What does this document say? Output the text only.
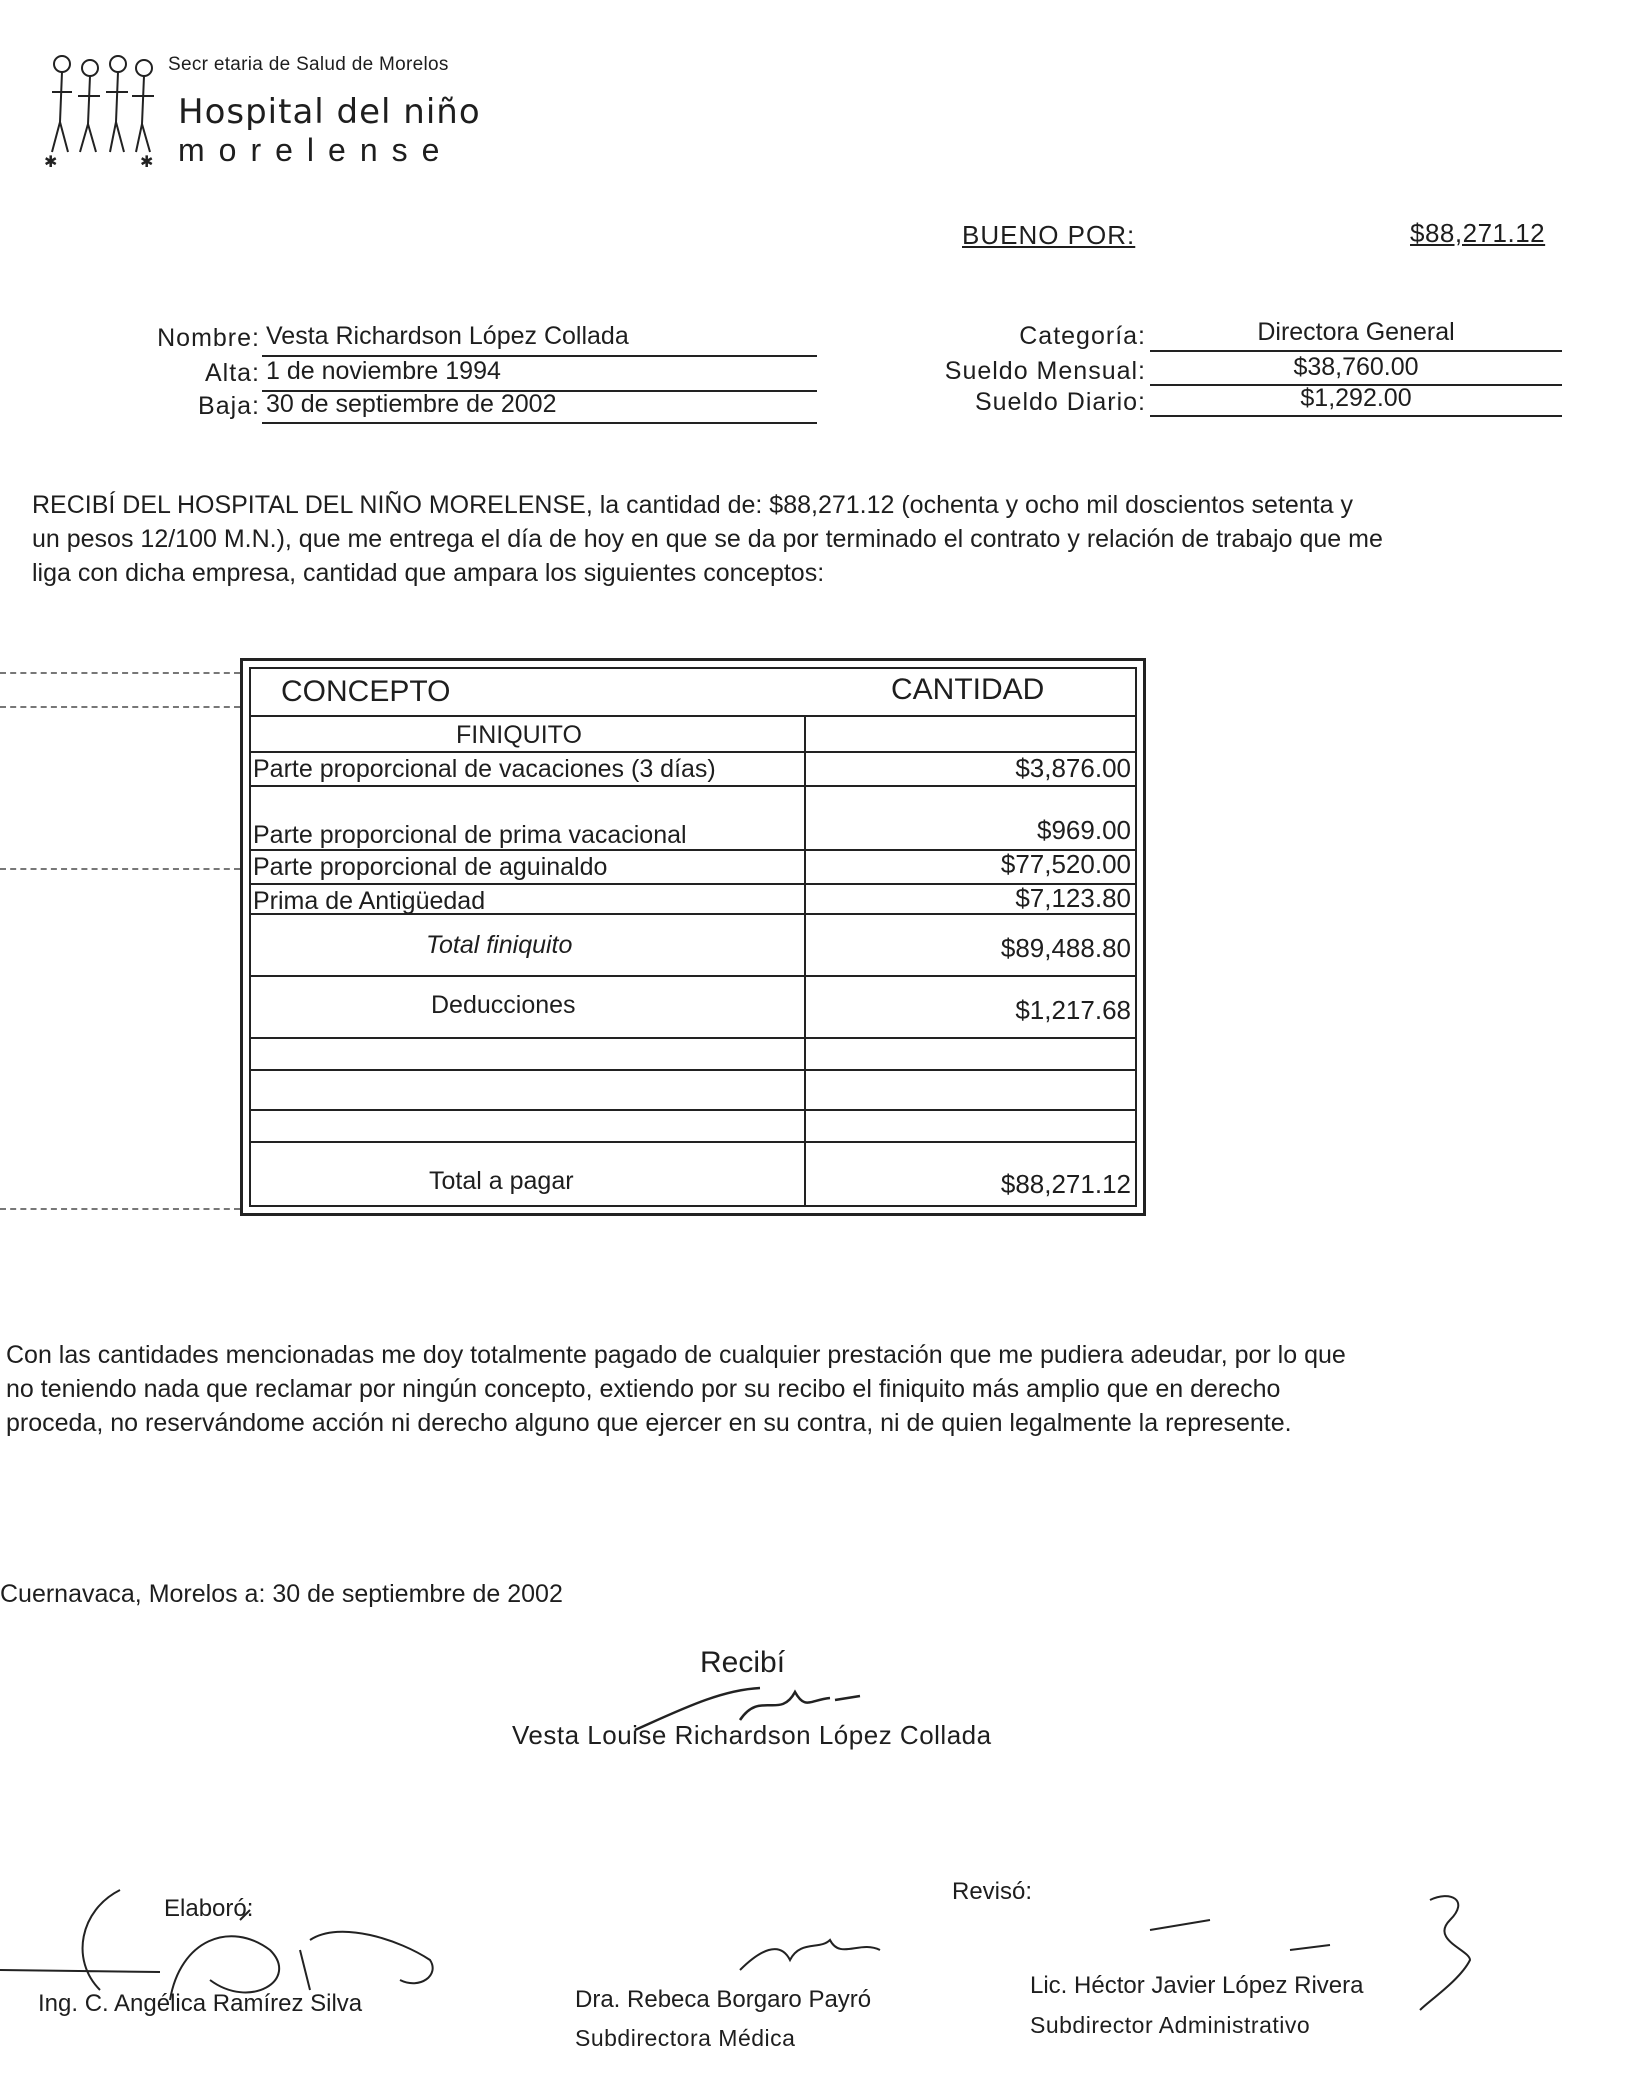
✱	✱
Secr etaria de Salud de Morelos
Hospital del niño
morelense
BUENO POR:	$88,271.12
Nombre: Vesta Richardson López Collada
Alta: 1 de noviembre 1994
Baja: 30 de septiembre de 2002
Categoría:	Directora General
Sueldo Mensual:	$38,760.00
Sueldo Diario:	$1,292.00
RECIBÍ DEL HOSPITAL DEL NIÑO MORELENSE, la cantidad de: $88,271.12 (ochenta y ocho mil doscientos setenta y
un pesos 12/100 M.N.), que me entrega el día de hoy en que se da por terminado el contrato y relación de trabajo que me
liga con dicha empresa, cantidad que ampara los siguientes conceptos:
CONCEPTO	CANTIDAD
FINIQUITO
Parte proporcional de vacaciones (3 días)	$3,876.00
Parte proporcional de prima vacacional	$969.00
Parte proporcional de aguinaldo	$77,520.00
Prima de Antigüedad	$7,123.80
Total finiquito	$89,488.80
Deducciones	$1,217.68
Total a pagar	$88,271.12
Con las cantidades mencionadas me doy totalmente pagado de cualquier prestación que me pudiera adeudar, por lo que
no teniendo nada que reclamar por ningún concepto, extiendo por su recibo el finiquito más amplio que en derecho
proceda, no reservándome acción ni derecho alguno que ejercer en su contra, ni de quien legalmente la represente.
Cuernavaca, Morelos a: 30 de septiembre de 2002
Recibí
Vesta Louise Richardson López Collada
Elaboró:
Ing. C. Angélica Ramírez Silva	Dra. Rebeca Borgaro Payró
Subdirectora Médica
Revisó:
Lic. Héctor Javier López Rivera
Subdirector Administrativo
